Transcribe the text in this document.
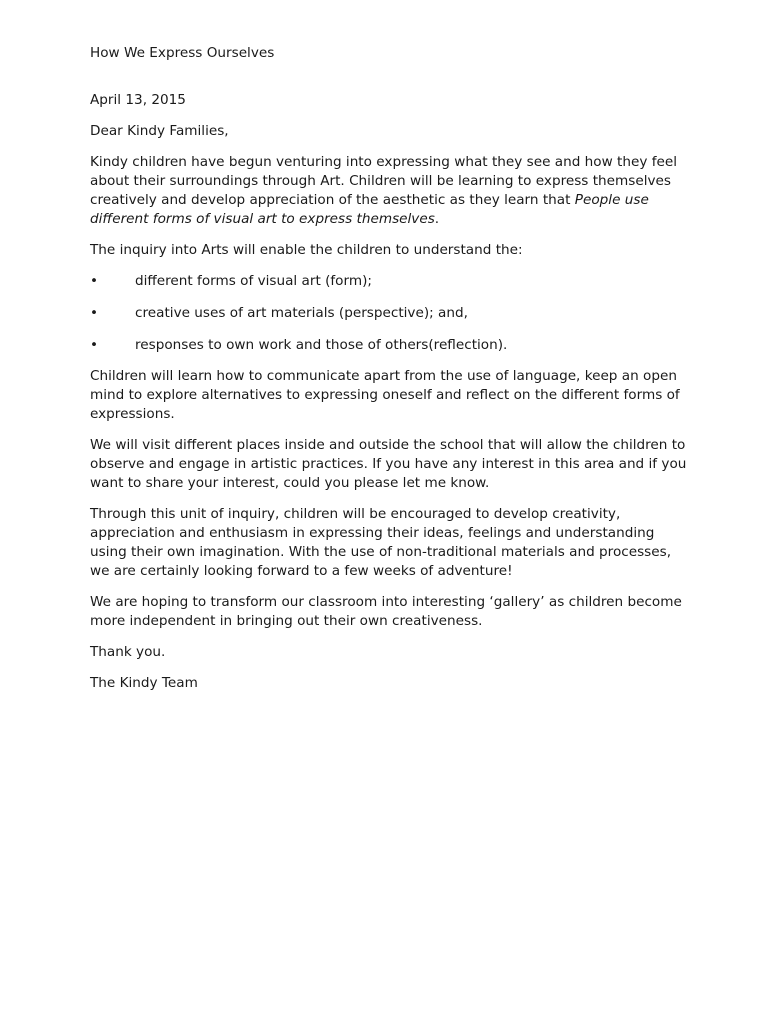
How We Express Ourselves

April 13, 2015

Dear Kindy Families,

Kindy children have begun venturing into expressing what they see and how they feel about their surroundings through Art. Children will be learning to express themselves creatively and develop appreciation of the aesthetic as they learn that People use different forms of visual art to express themselves.

The inquiry into Arts will enable the children to understand the:

•	different forms of visual art (form);
•	creative uses of art materials (perspective); and,
•	responses to own work and those of others(reflection).

Children will learn how to communicate apart from the use of language, keep an open mind to explore alternatives to expressing oneself and reflect on the different forms of expressions.

We will visit different places inside and outside the school that will allow the children to observe and engage in artistic practices. If you have any interest in this area and if you want to share your interest, could you please let me know.

Through this unit of inquiry, children will be encouraged to develop creativity, appreciation and enthusiasm in expressing their ideas, feelings and understanding using their own imagination. With the use of non-traditional materials and processes, we are certainly looking forward to a few weeks of adventure!

We are hoping to transform our classroom into interesting ‘gallery’ as children become more independent in bringing out their own creativeness.

Thank you.

The Kindy Team
